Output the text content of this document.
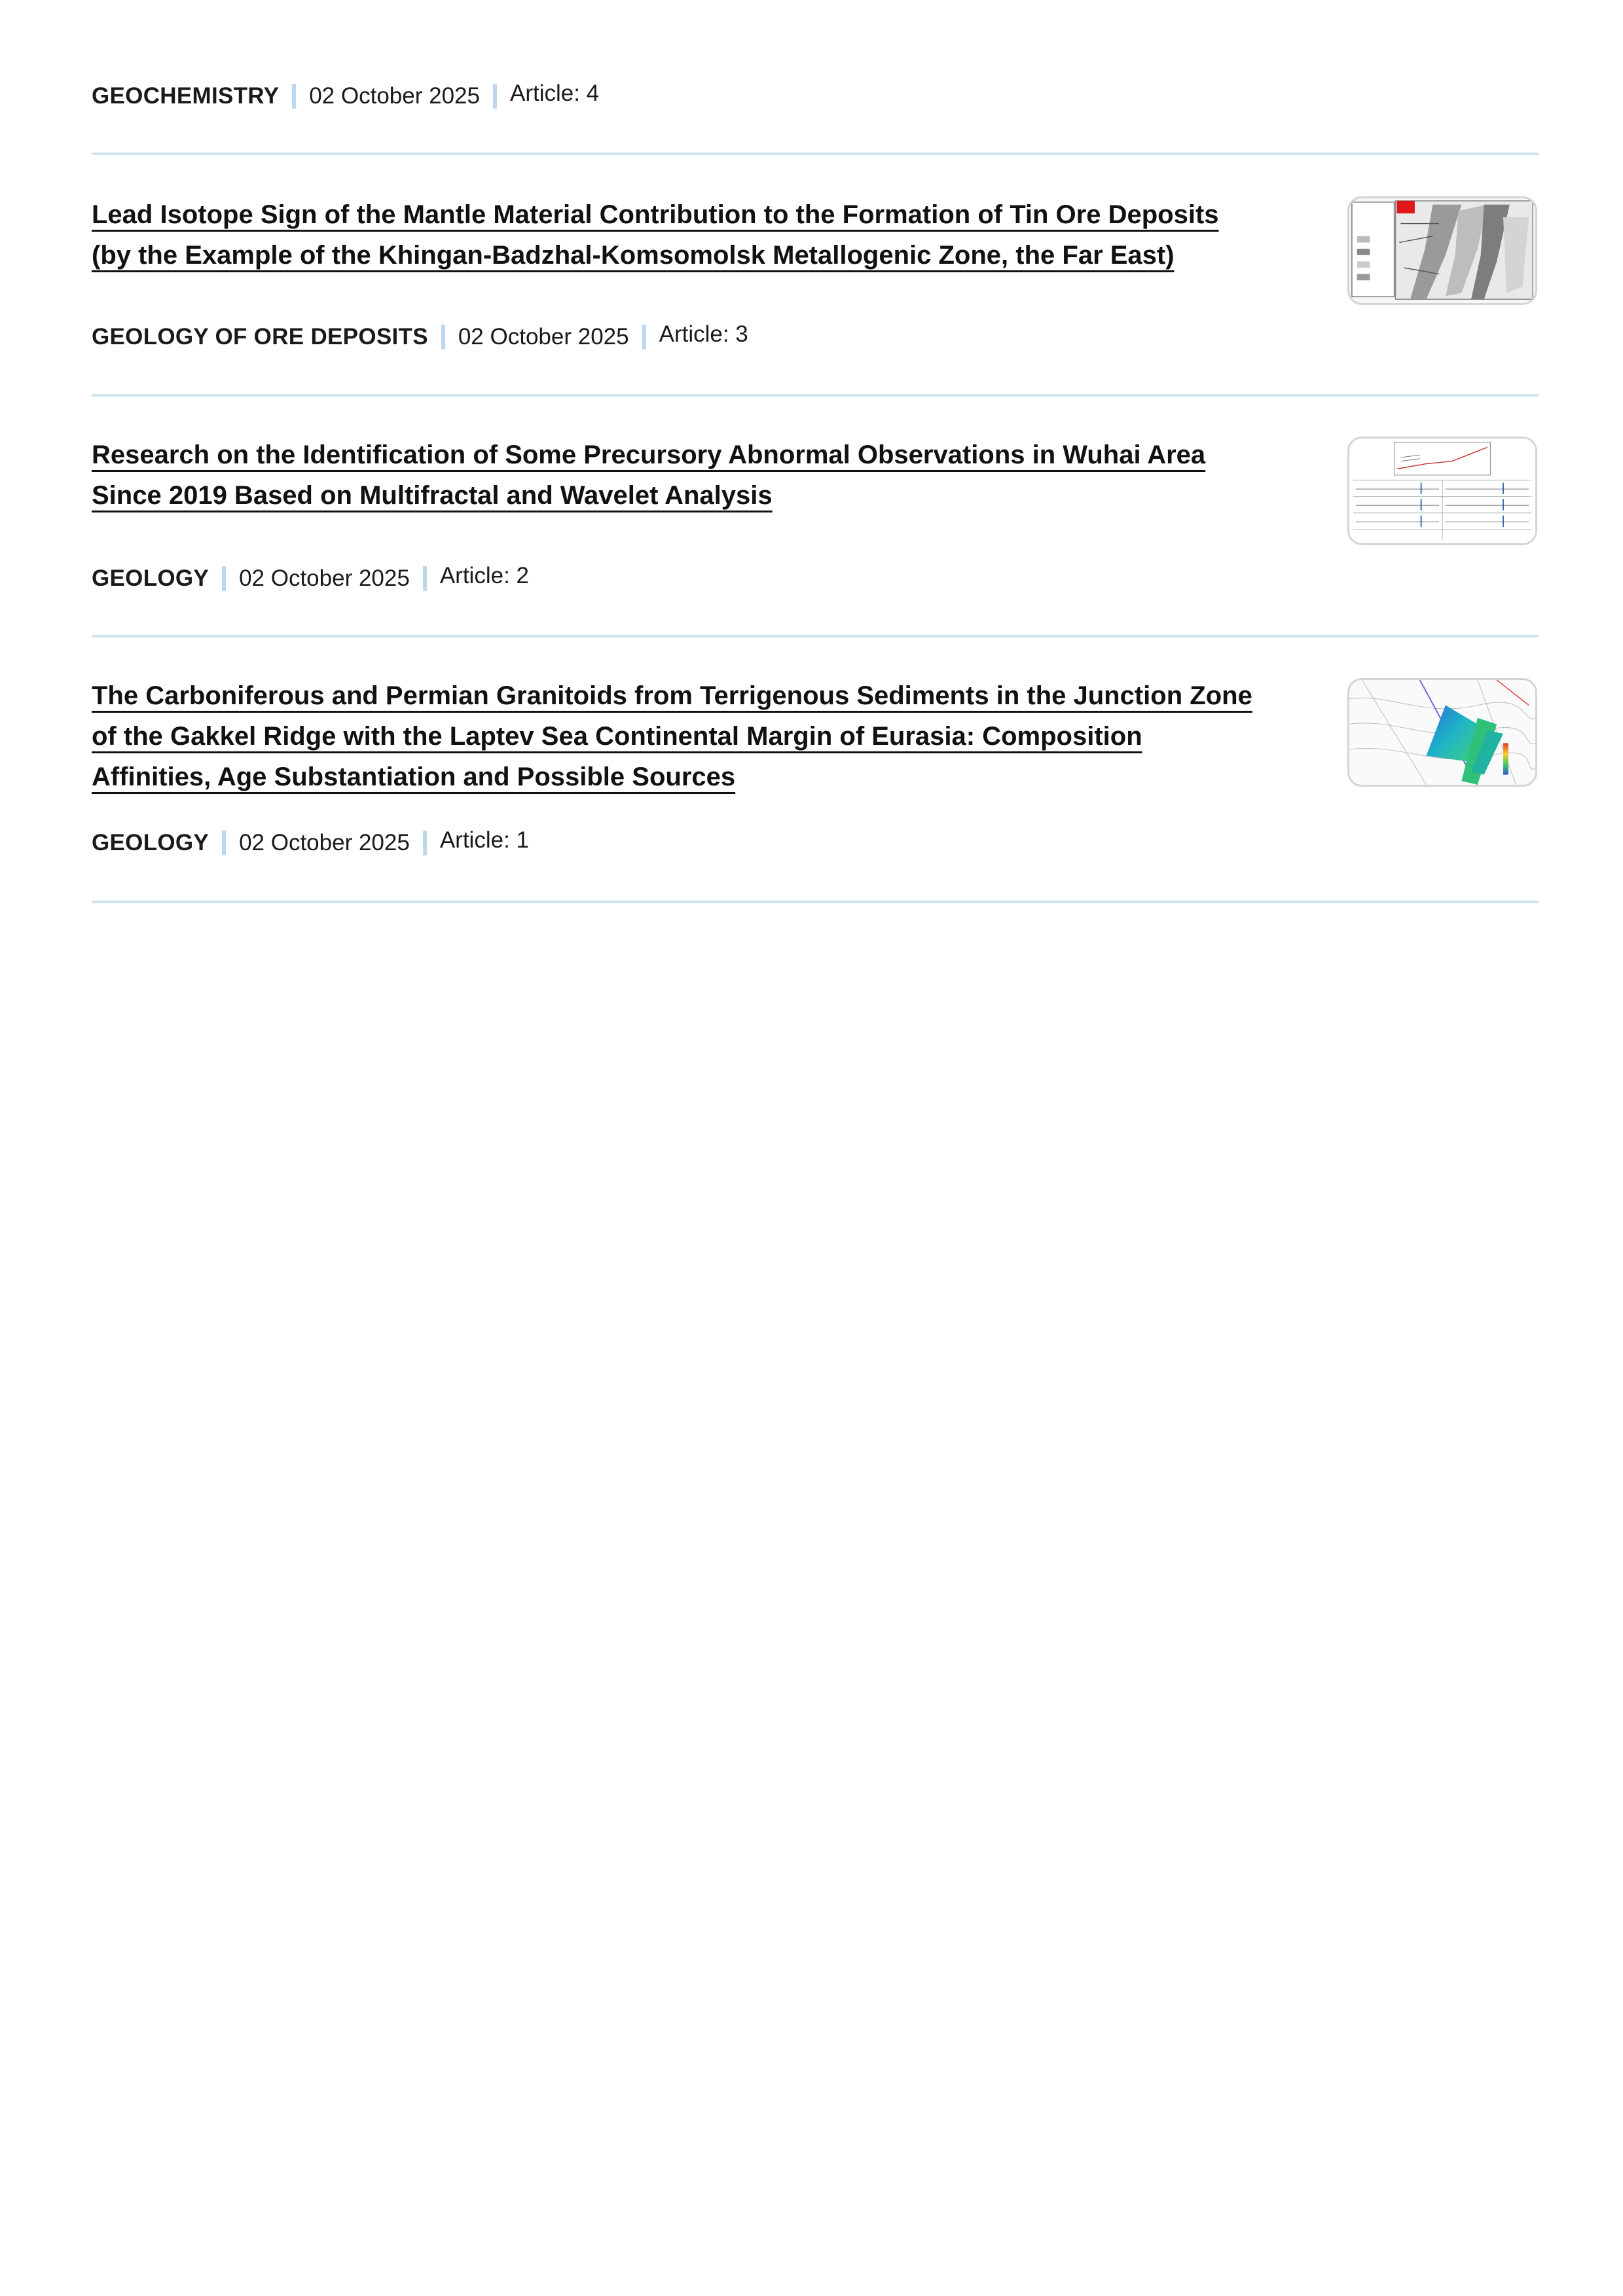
GEOCHEMISTRY 02 October 2025 Article: 4
Lead Isotope Sign of the Mantle Material Contribution to the Formation of Tin Ore Deposits
(by the Example of the Khingan-Badzhal-Komsomolsk Metallogenic Zone, the Far East)
GEOLOGY OF ORE DEPOSITS 02 October 2025 Article: 3
Research on the Identification of Some Precursory Abnormal Observations in Wuhai Area
Since 2019 Based on Multifractal and Wavelet Analysis
GEOLOGY 02 October 2025 Article: 2
The Carboniferous and Permian Granitoids from Terrigenous Sediments in the Junction Zone
of the Gakkel Ridge with the Laptev Sea Continental Margin of Eurasia: Composition
Affinities, Age Substantiation and Possible Sources
GEOLOGY 02 October 2025 Article: 1
